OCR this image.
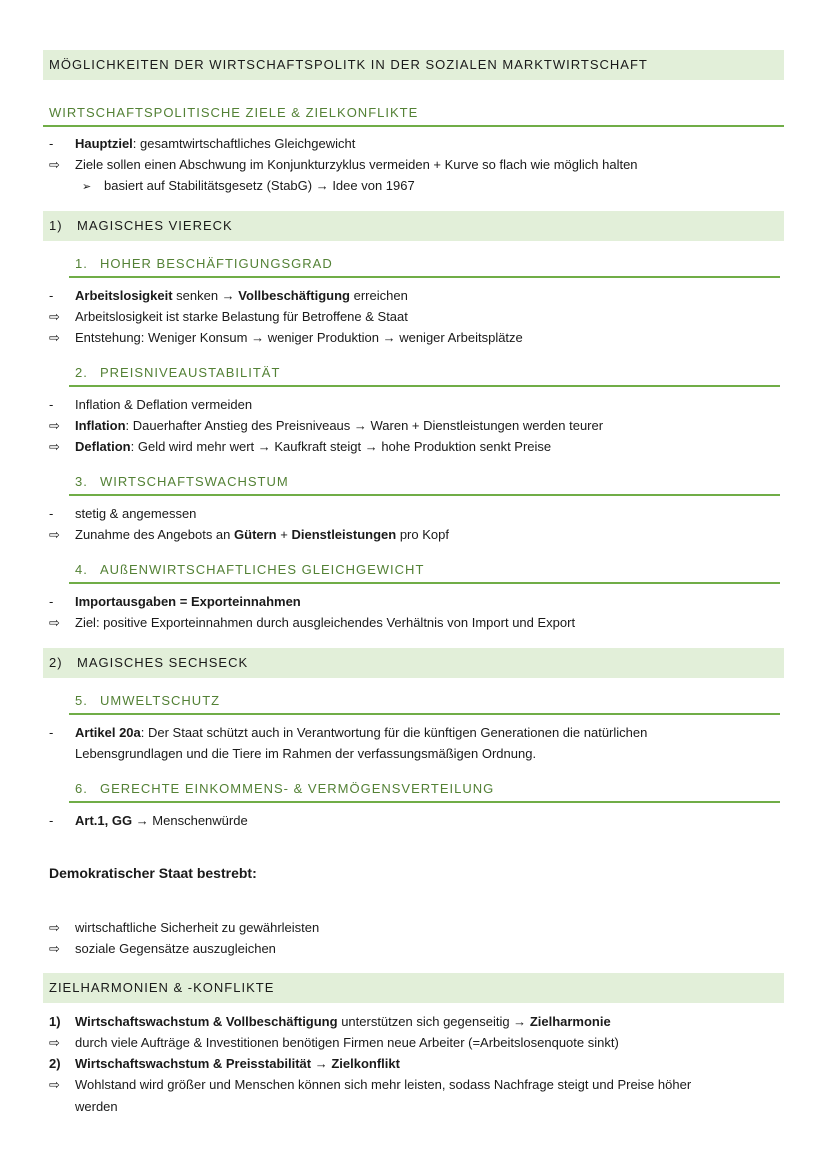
MÖGLICHKEITEN DER WIRTSCHAFTSPOLITK IN DER SOZIALEN MARKTWIRTSCHAFT
WIRTSCHAFTSPOLITISCHE ZIELE & ZIELKONFLIKTE
- Hauptziel: gesamtwirtschaftliches Gleichgewicht
⇨ Ziele sollen einen Abschwung im Konjunkturzyklus vermeiden + Kurve so flach wie möglich halten
➢ basiert auf Stabilitätsgesetz (StabG) → Idee von 1967
1) MAGISCHES VIERECK
1. HOHER BESCHÄFTIGUNGSGRAD
- Arbeitslosigkeit senken → Vollbeschäftigung erreichen
⇨ Arbeitslosigkeit ist starke Belastung für Betroffene & Staat
⇨ Entstehung: Weniger Konsum → weniger Produktion → weniger Arbeitsplätze
2. PREISNIVEAUSTABILITÄT
- Inflation & Deflation vermeiden
⇨ Inflation: Dauerhafter Anstieg des Preisniveaus → Waren + Dienstleistungen werden teurer
⇨ Deflation: Geld wird mehr wert → Kaufkraft steigt → hohe Produktion senkt Preise
3. WIRTSCHAFTSWACHSTUM
- stetig & angemessen
⇨ Zunahme des Angebots an Gütern + Dienstleistungen pro Kopf
4. AUßENWIRTSCHAFTLICHES GLEICHGEWICHT
- Importausgaben = Exporteinnahmen
⇨ Ziel: positive Exporteinnahmen durch ausgleichendes Verhältnis von Import und Export
2) MAGISCHES SECHSECK
5. UMWELTSCHUTZ
- Artikel 20a: Der Staat schützt auch in Verantwortung für die künftigen Generationen die natürlichen
Lebensgrundlagen und die Tiere im Rahmen der verfassungsmäßigen Ordnung.
6. GERECHTE EINKOMMENS- & VERMÖGENSVERTEILUNG
- Art.1, GG → Menschenwürde
Demokratischer Staat bestrebt:
⇨ wirtschaftliche Sicherheit zu gewährleisten
⇨ soziale Gegensätze auszugleichen
ZIELHARMONIEN & -KONFLIKTE
1) Wirtschaftswachstum & Vollbeschäftigung unterstützen sich gegenseitig → Zielharmonie
⇨ durch viele Aufträge & Investitionen benötigen Firmen neue Arbeiter (=Arbeitslosenquote sinkt)
2) Wirtschaftswachstum & Preisstabilität → Zielkonflikt
⇨ Wohlstand wird größer und Menschen können sich mehr leisten, sodass Nachfrage steigt und Preise höher
werden
